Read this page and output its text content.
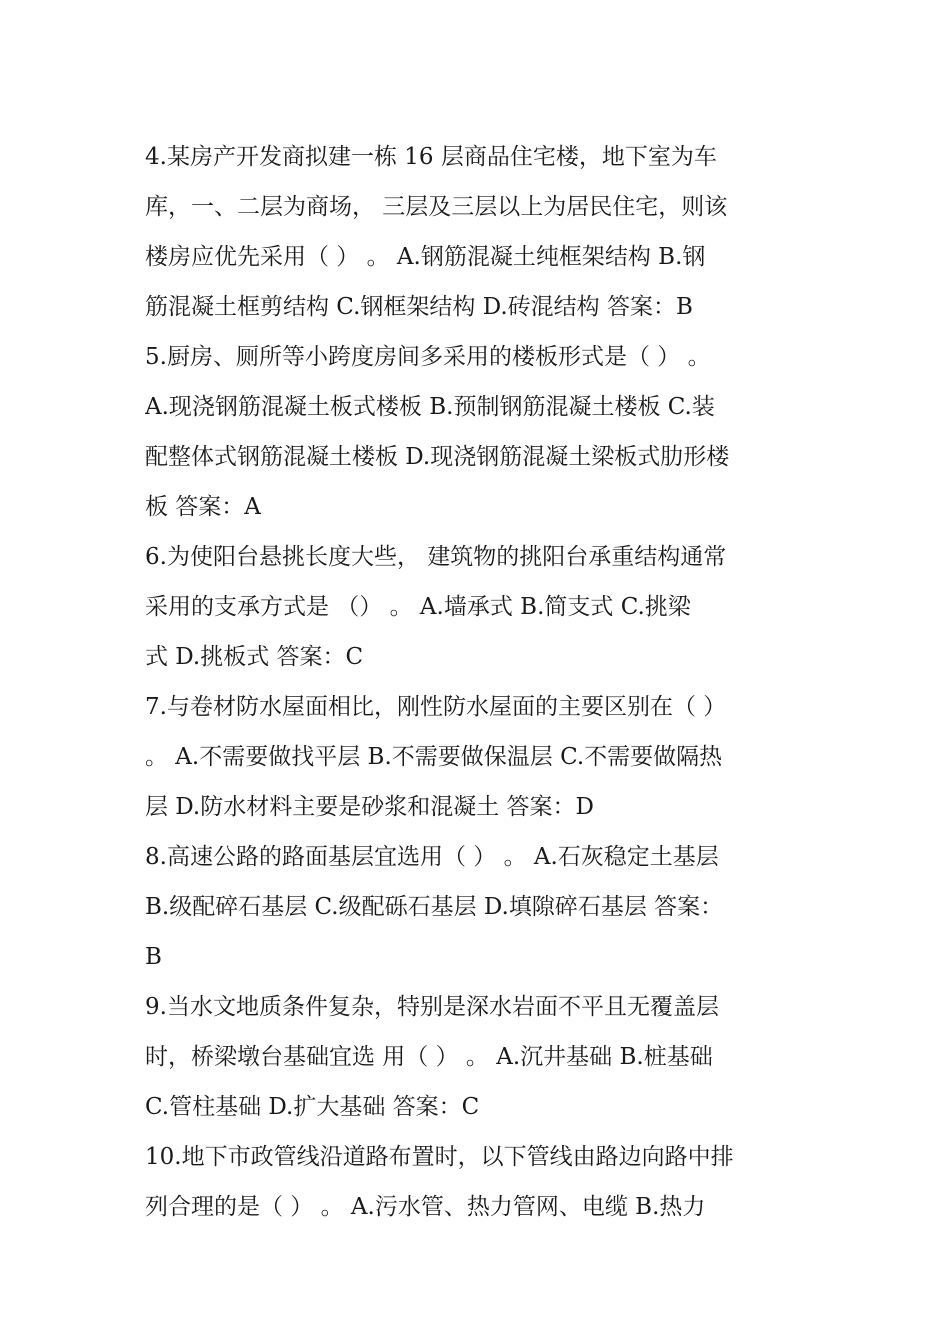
4.某房产开发商拟建一栋 16 层商品住宅楼，地下室为车
库，一、二层为商场， 三层及三层以上为居民住宅，则该
楼房应优先采用（ ） 。 A.钢筋混凝土纯框架结构 B.钢
筋混凝土框剪结构 C.钢框架结构 D.砖混结构 答案：B
5.厨房、厕所等小跨度房间多采用的楼板形式是（ ） 。
A.现浇钢筋混凝土板式楼板 B.预制钢筋混凝土楼板 C.装
配整体式钢筋混凝土楼板 D.现浇钢筋混凝土梁板式肋形楼
板 答案：A
6.为使阳台悬挑长度大些， 建筑物的挑阳台承重结构通常
采用的支承方式是 （） 。 A.墙承式 B.简支式 C.挑梁
式 D.挑板式 答案：C
7.与卷材防水屋面相比，刚性防水屋面的主要区别在（ ）
。 A.不需要做找平层 B.不需要做保温层 C.不需要做隔热
层 D.防水材料主要是砂浆和混凝土 答案：D
8.高速公路的路面基层宜选用（ ） 。 A.石灰稳定土基层
B.级配碎石基层 C.级配砾石基层 D.填隙碎石基层 答案：
B
9.当水文地质条件复杂，特别是深水岩面不平且无覆盖层
时，桥梁墩台基础宜选 用（ ） 。 A.沉井基础 B.桩基础
C.管柱基础 D.扩大基础 答案：C
10.地下市政管线沿道路布置时，以下管线由路边向路中排
列合理的是（ ） 。 A.污水管、热力管网、电缆 B.热力
